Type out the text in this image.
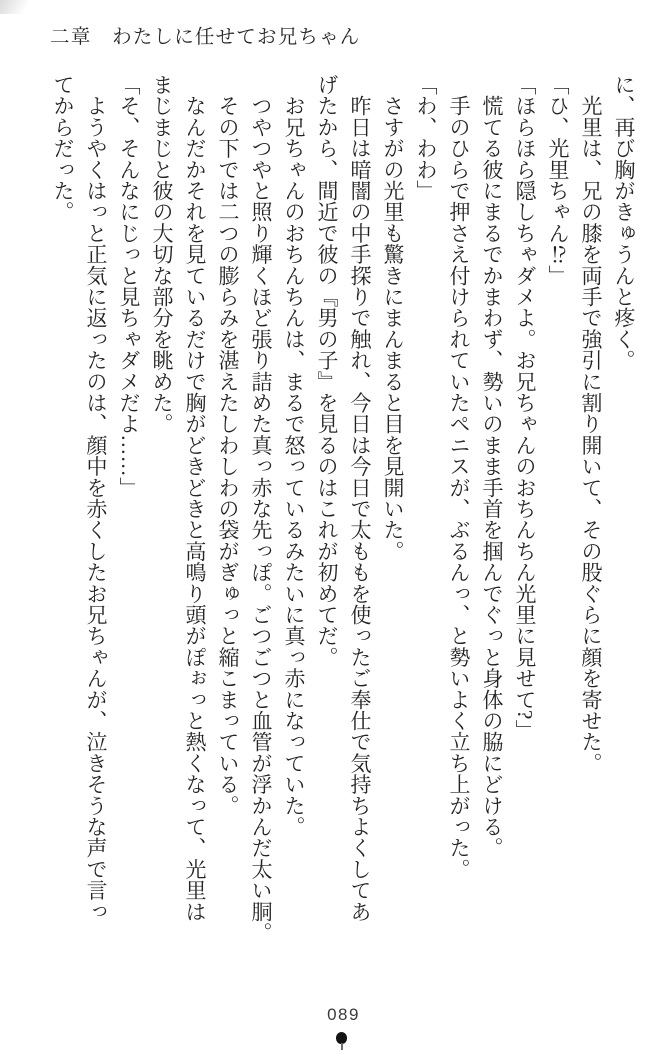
二章　わたしに任せてお兄ちゃん

に、再び胸がきゅうんと疼く。

　光里は、兄の膝を両手で強引に割り開いて、その股ぐらに顔を寄せた。

「ひ、光里ちゃん⁉」

「ほらほら隠しちゃダメよ。お兄ちゃんのおちんちん光里に見せて?」

　慌てる彼にまるでかまわず、勢いのまま手首を掴んでぐっと身体の脇にどける。

　手のひらで押さえ付けられていたペニスが、ぶるんっ、と勢いよく立ち上がった。

「わ、わわ」

　さすがの光里も驚きにまんまると目を見開いた。

　昨日は暗闇の中手探りで触れ、今日は今日で太ももを使ったご奉仕で気持ちよくしてあ

げたから、間近で彼の『男の子』を見るのはこれが初めてだ。

　お兄ちゃんのおちんちんは、まるで怒っているみたいに真っ赤になっていた。

　つやつやと照り輝くほど張り詰めた真っ赤な先っぽ。ごつごつと血管が浮かんだ太い胴。

　その下では二つの膨らみを湛えたしわしわの袋がぎゅっと縮こまっている。

　なんだかそれを見ているだけで胸がどきどきと高鳴り頭がぽぉっと熱くなって、光里は

まじまじと彼の大切な部分を眺めた。

「そ、そんなにじっと見ちゃダメだよ……」

　ようやくはっと正気に返ったのは、顔中を赤くしたお兄ちゃんが、泣きそうな声で言っ

てからだった。

089
